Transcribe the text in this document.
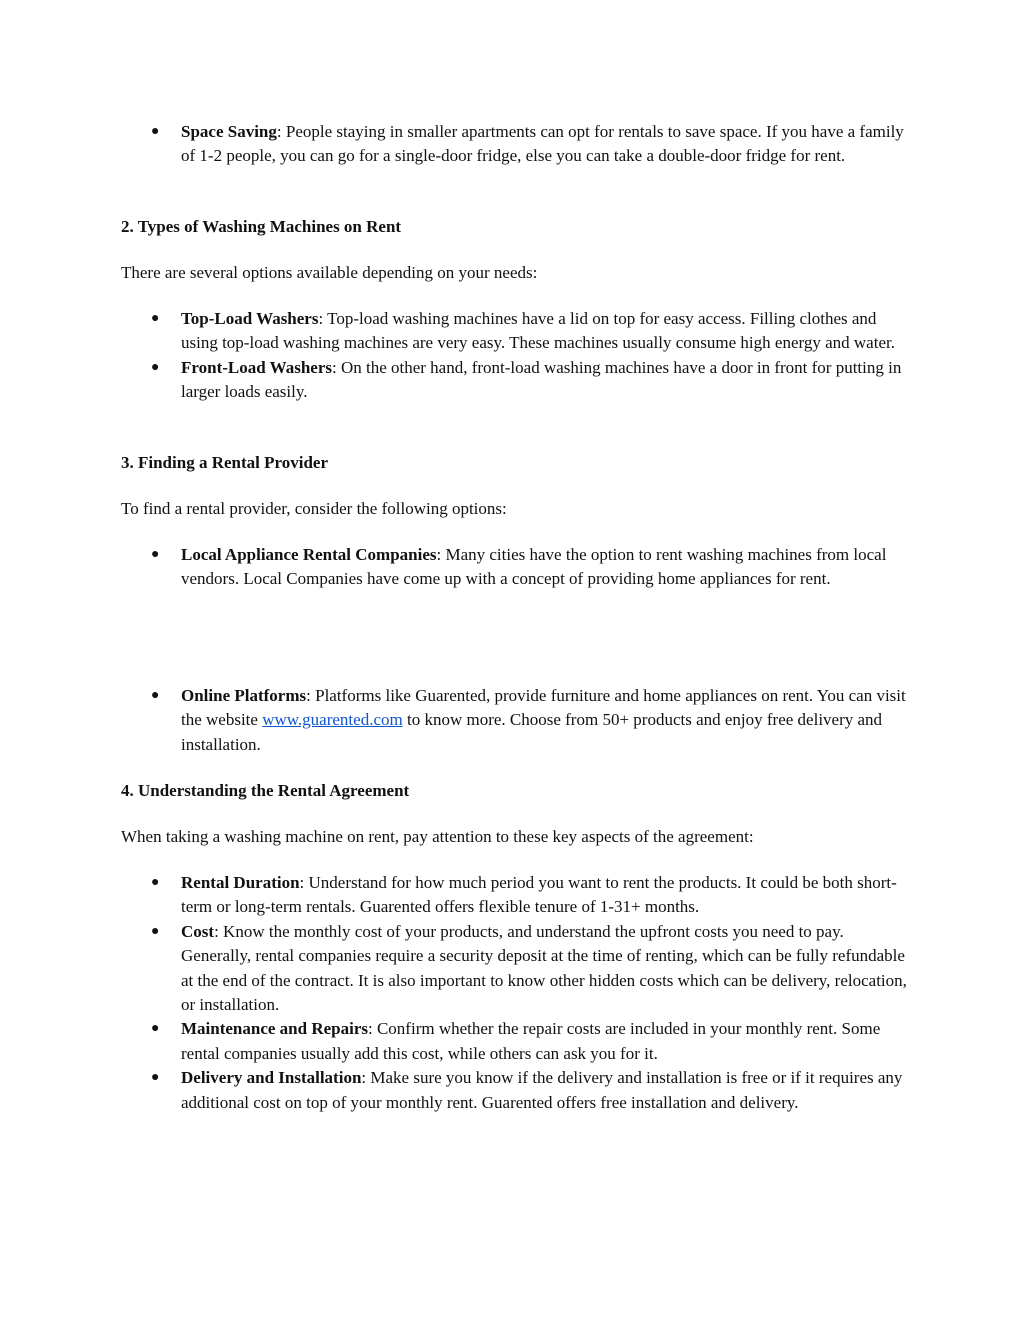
● Space Saving: People staying in smaller apartments can opt for rentals to save space. If you have a family of 1-2 people, you can go for a single-door fridge, else you can take a double-door fridge for rent.
2. Types of Washing Machines on Rent
There are several options available depending on your needs:
● Top-Load Washers: Top-load washing machines have a lid on top for easy access. Filling clothes and using top-load washing machines are very easy. These machines usually consume high energy and water.
● Front-Load Washers: On the other hand, front-load washing machines have a door in front for putting in larger loads easily.
3. Finding a Rental Provider
To find a rental provider, consider the following options:
● Local Appliance Rental Companies: Many cities have the option to rent washing machines from local vendors. Local Companies have come up with a concept of providing home appliances for rent.
● Online Platforms: Platforms like Guarented, provide furniture and home appliances on rent. You can visit the website www.guarented.com to know more. Choose from 50+ products and enjoy free delivery and installation.
4. Understanding the Rental Agreement
When taking a washing machine on rent, pay attention to these key aspects of the agreement:
● Rental Duration: Understand for how much period you want to rent the products. It could be both short-term or long-term rentals. Guarented offers flexible tenure of 1-31+ months.
● Cost: Know the monthly cost of your products, and understand the upfront costs you need to pay. Generally, rental companies require a security deposit at the time of renting, which can be fully refundable at the end of the contract. It is also important to know other hidden costs which can be delivery, relocation, or installation.
● Maintenance and Repairs: Confirm whether the repair costs are included in your monthly rent. Some rental companies usually add this cost, while others can ask you for it.
● Delivery and Installation: Make sure you know if the delivery and installation is free or if it requires any additional cost on top of your monthly rent. Guarented offers free installation and delivery.
